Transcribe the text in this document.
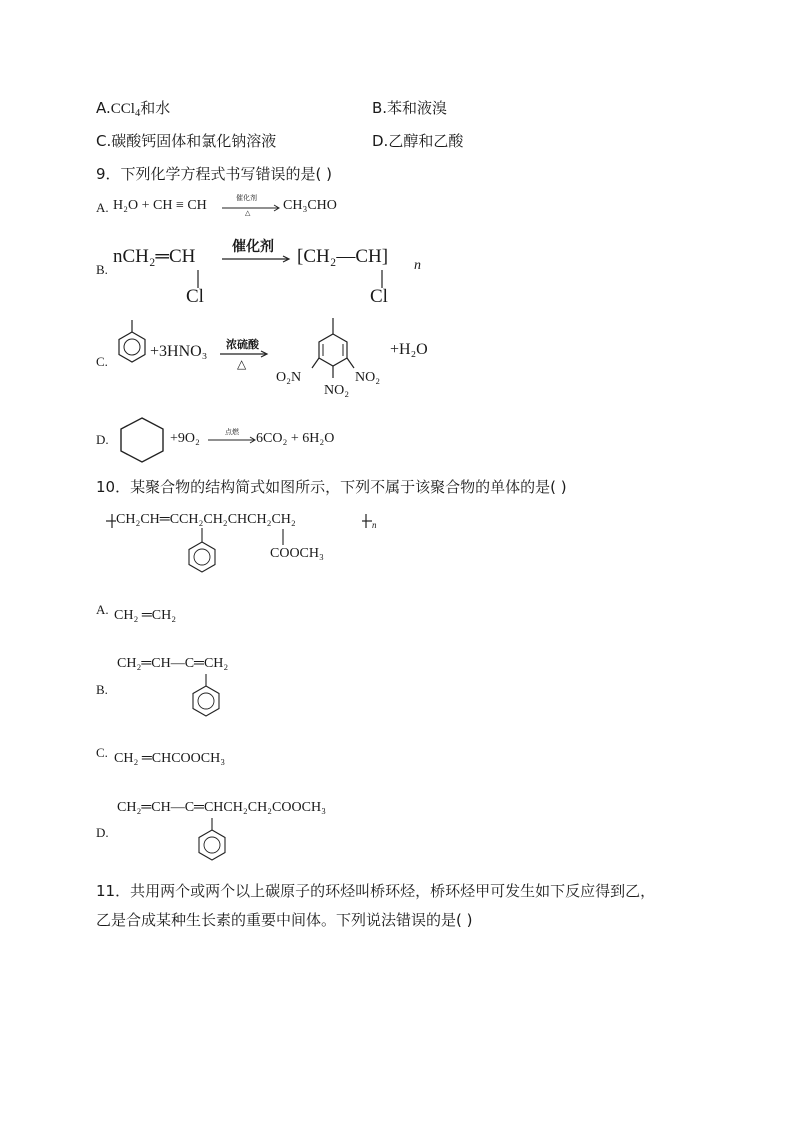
A.CCl$_4$和水	B.苯和液溴
C.碳酸钙固体和氯化钠溶液	D.乙醇和乙酸
9．下列化学方程式书写错误的是( )
A. H₂O + CH ≡ CH	催化剂
△ CH₃CHO
B.
nCH₂═CH
Cl
催化剂 [CH₂—CH] n
Cl
C.
+3HNO₃ 浓硫酸
△
O₂N	NO₂
NO₂
+H₂O
D.	+9O₂	点燃 6CO₂ + 6H₂O
10．某聚合物的结构简式如图所示，下列不属于该聚合物的单体的是( )
CH₂CH═CCH₂CH₂CHCH₂CH₂	n
COOCH₃
A. CH₂ ═CH₂
CH₂═CH—C═CH₂
B.
C. CH₂ ═CHCOOCH₃
CH₂═CH—C═CHCH₂CH₂COOCH₃
D.
11．共用两个或两个以上碳原子的环烃叫桥环烃，桥环烃甲可发生如下反应得到乙，
乙是合成某种生长素的重要中间体。下列说法错误的是( )
